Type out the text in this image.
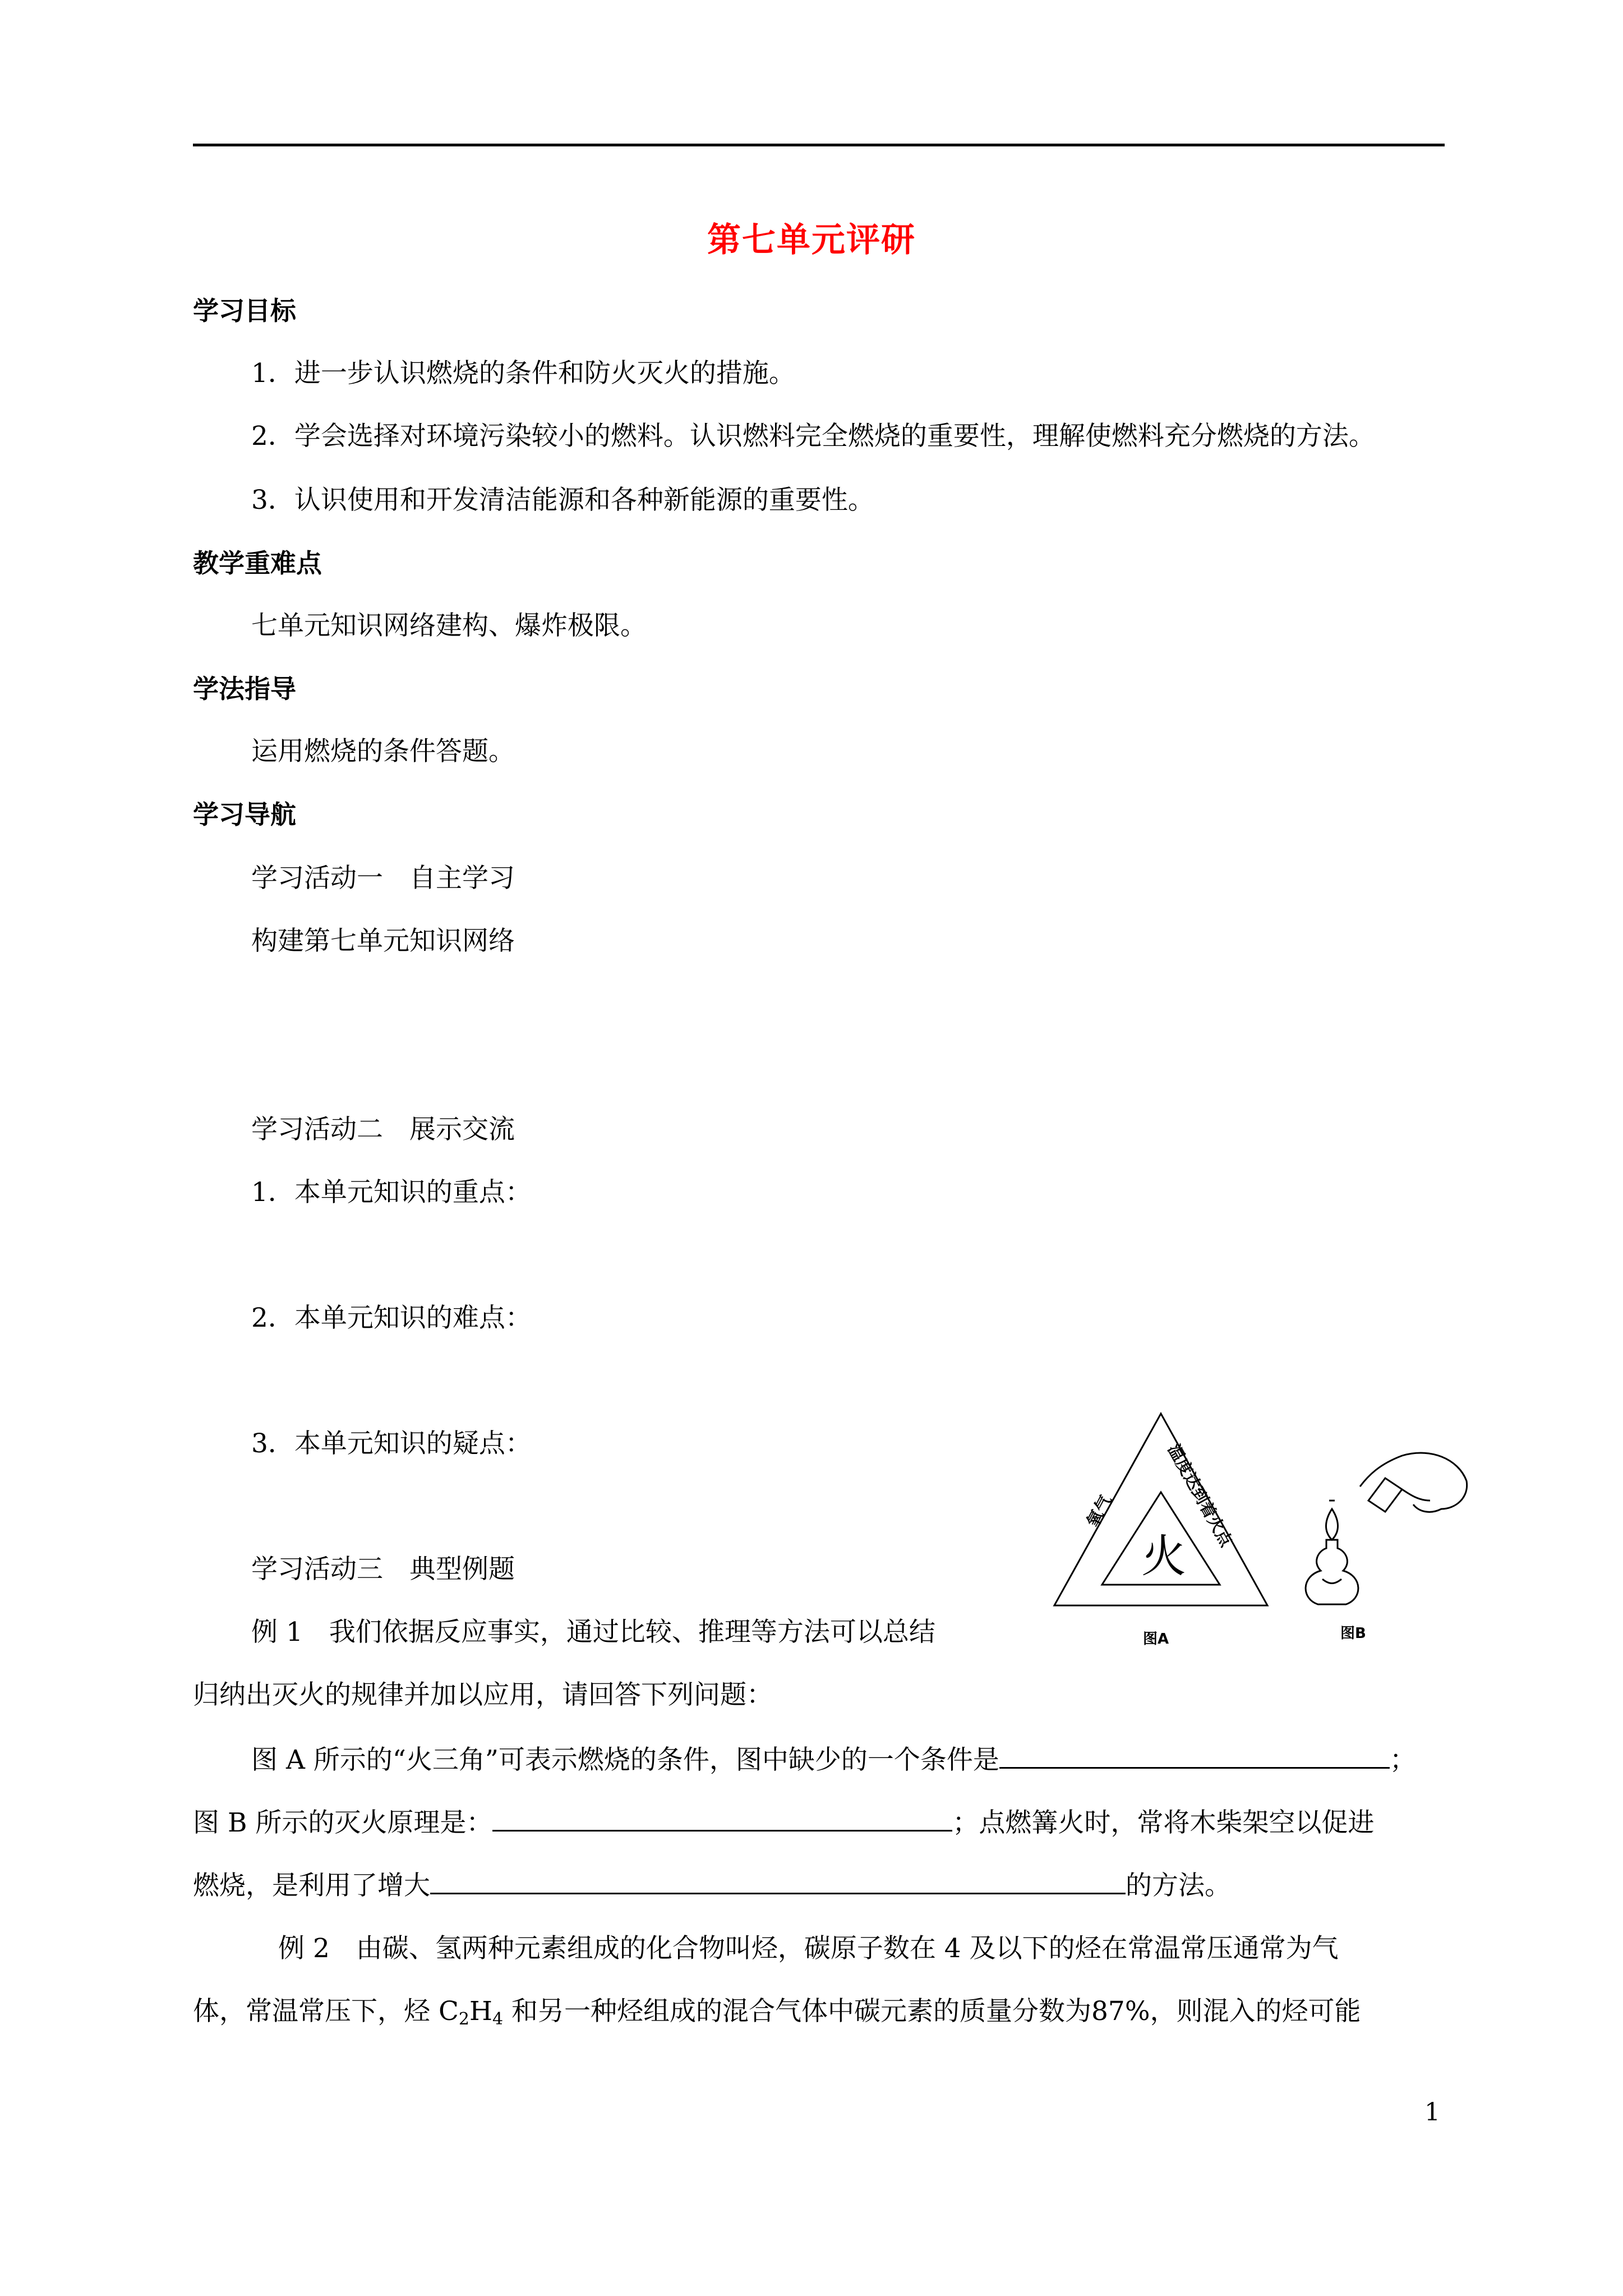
第七单元评研
学习目标
1．进一步认识燃烧的条件和防火灭火的措施。
2．学会选择对环境污染较小的燃料。认识燃料完全燃烧的重要性，理解使燃料充分燃烧的方法。
3．认识使用和开发清洁能源和各种新能源的重要性。
教学重难点
七单元知识网络建构、爆炸极限。
学法指导
运用燃烧的条件答题。
学习导航
学习活动一　自主学习
构建第七单元知识网络
学习活动二　展示交流
1．本单元知识的重点：
2．本单元知识的难点：
3．本单元知识的疑点：
学习活动三　典型例题
例 1　我们依据反应事实，通过比较、推理等方法可以总结
归纳出灭火的规律并加以应用，请回答下列问题：
图 A 所示的“火三角”可表示燃烧的条件，图中缺少的一个条件是	；
图 B 所示的灭火原理是：	；点燃篝火时，常将木柴架空以促进
燃烧，是利用了增大	的方法。
例 2　由碳、氢两种元素组成的化合物叫烃，碳原子数在 4 及以下的烃在常温常压通常为气
体，常温常压下，烃 $C_2H_4$ 和另一种烃组成的混合气体中碳元素的质量分数为87%，则混入的烃可能
氧气	温度达到着火点
火
图A	图B
1
